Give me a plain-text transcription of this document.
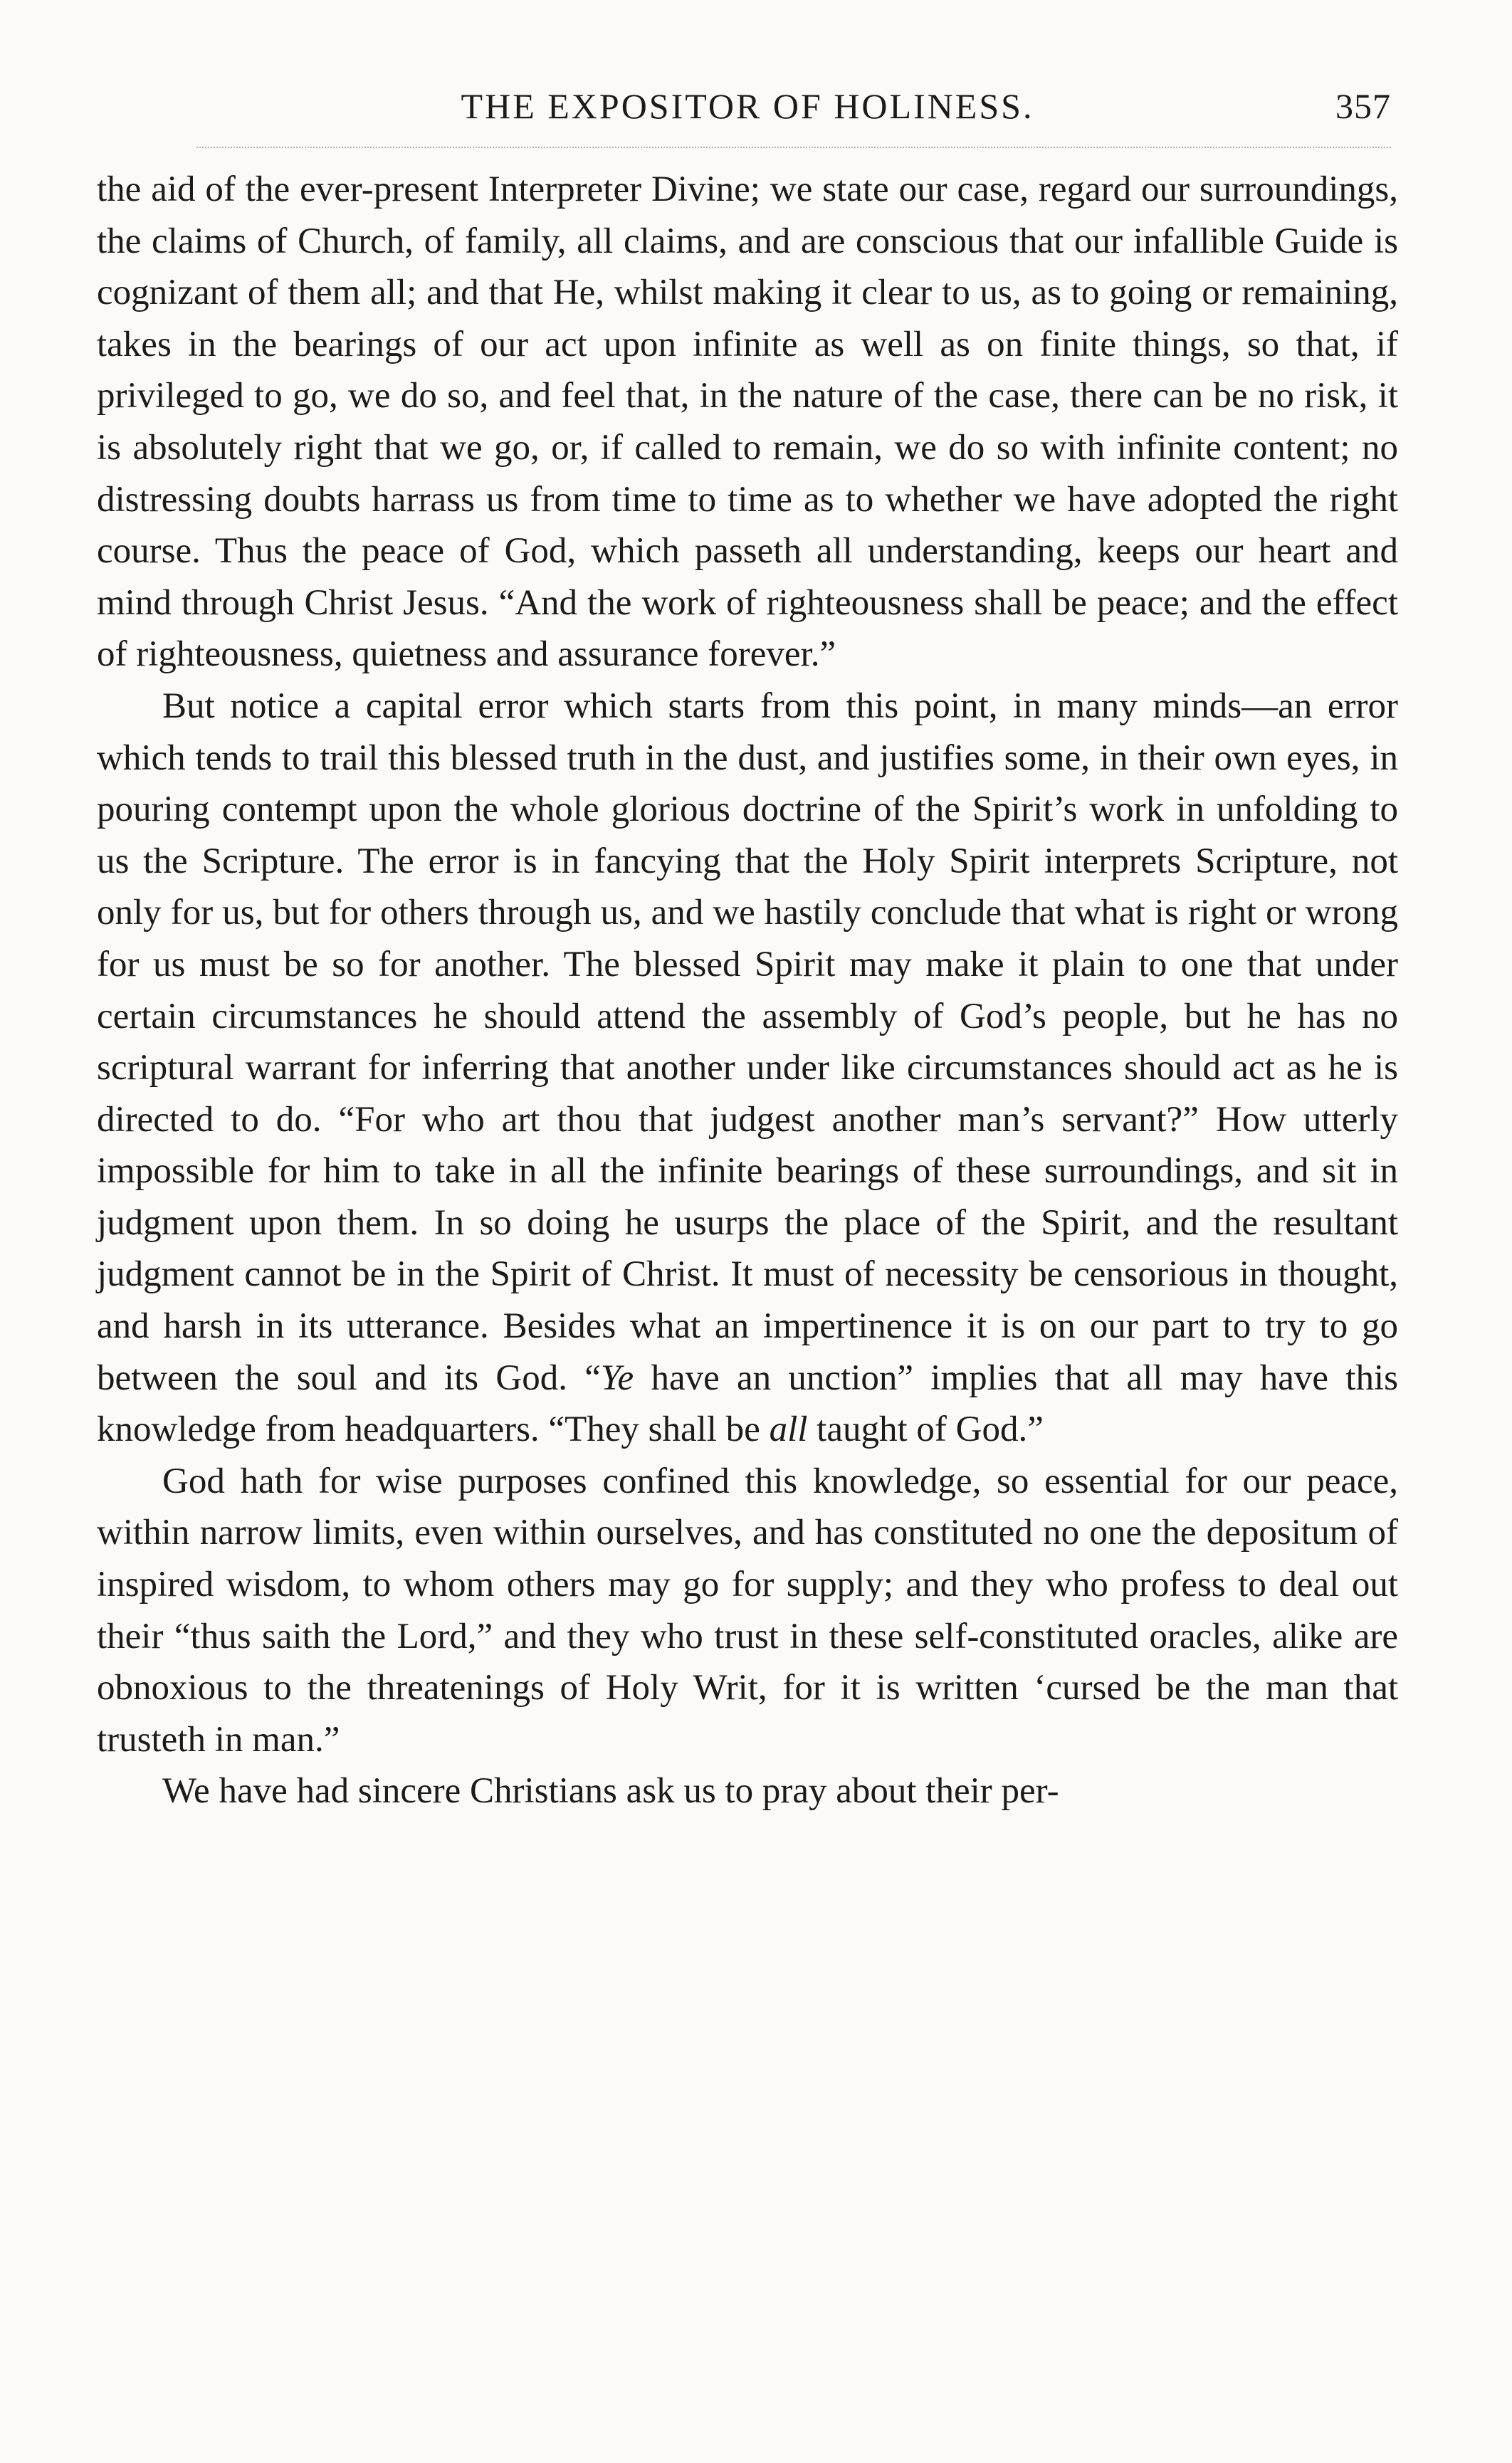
THE EXPOSITOR OF HOLINESS.	357

the aid of the ever-present Interpreter Divine; we state our case, regard our surroundings, the claims of Church, of family, all claims, and are conscious that our infallible Guide is cognizant of them all; and that He, whilst making it clear to us, as to going or remaining, takes in the bearings of our act upon infinite as well as on finite things, so that, if privileged to go, we do so, and feel that, in the nature of the case, there can be no risk, it is absolutely right that we go, or, if called to remain, we do so with infinite content; no distressing doubts harrass us from time to time as to whether we have adopted the right course. Thus the peace of God, which passeth all understanding, keeps our heart and mind through Christ Jesus. “And the work of righteousness shall be peace; and the effect of righteousness, quietness and assurance forever.”

But notice a capital error which starts from this point, in many minds—an error which tends to trail this blessed truth in the dust, and justifies some, in their own eyes, in pouring contempt upon the whole glorious doctrine of the Spirit’s work in unfolding to us the Scripture. The error is in fancying that the Holy Spirit interprets Scripture, not only for us, but for others through us, and we hastily conclude that what is right or wrong for us must be so for another. The blessed Spirit may make it plain to one that under certain circumstances he should attend the assembly of God’s people, but he has no scriptural warrant for inferring that another under like circumstances should act as he is directed to do. “For who art thou that judgest another man’s servant?” How utterly impossible for him to take in all the infinite bearings of these surroundings, and sit in judgment upon them. In so doing he usurps the place of the Spirit, and the resultant judgment cannot be in the Spirit of Christ. It must of necessity be censorious in thought, and harsh in its utterance. Besides what an impertinence it is on our part to try to go between the soul and its God. “Ye have an unction” implies that all may have this knowledge from headquarters. “They shall be all taught of God.”

God hath for wise purposes confined this knowledge, so essential for our peace, within narrow limits, even within ourselves, and has constituted no one the depositum of inspired wisdom, to whom others may go for supply; and they who profess to deal out their “thus saith the Lord,” and they who trust in these self-constituted oracles, alike are obnoxious to the threatenings of Holy Writ, for it is written ‘cursed be the man that trusteth in man.”

We have had sincere Christians ask us to pray about their per-
